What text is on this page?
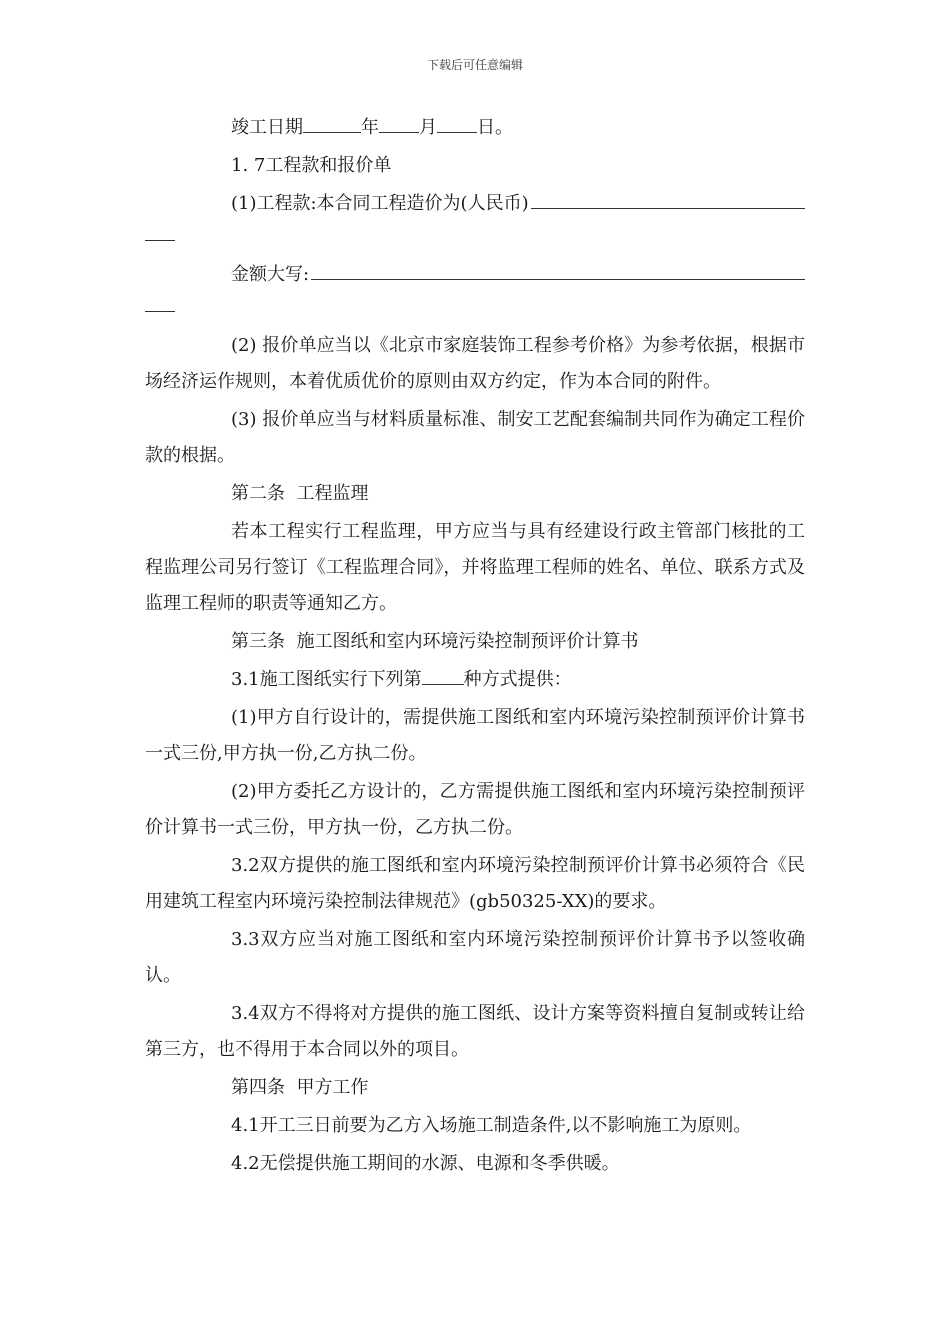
下载后可任意编辑

竣工日期	年 月 日。

1. 7工程款和报价单

(1)工程款:本合同工程造价为(人民币)
金额大写:

(2) 报价单应当以《北京市家庭装饰工程参考价格》为参考依据，根据市场经济运作规则，本着优质优价的原则由双方约定，作为本合同的附件。

(3) 报价单应当与材料质量标准、制安工艺配套编制共同作为确定工程价款的根据。

第二条  工程监理

若本工程实行工程监理，甲方应当与具有经建设行政主管部门核批的工程监理公司另行签订《工程监理合同》，并将监理工程师的姓名、单位、联系方式及监理工程师的职责等通知乙方。

第三条  施工图纸和室内环境污染控制预评价计算书

3.1施工图纸实行下列第 种方式提供：

(1)甲方自行设计的，需提供施工图纸和室内环境污染控制预评价计算书一式三份,甲方执一份,乙方执二份。

(2)甲方委托乙方设计的，乙方需提供施工图纸和室内环境污染控制预评价计算书一式三份，甲方执一份，乙方执二份。

3.2双方提供的施工图纸和室内环境污染控制预评价计算书必须符合《民用建筑工程室内环境污染控制法律规范》(gb50325-XX)的要求。

3.3双方应当对施工图纸和室内环境污染控制预评价计算书予以签收确认。

3.4双方不得将对方提供的施工图纸、设计方案等资料擅自复制或转让给第三方，也不得用于本合同以外的项目。

第四条  甲方工作

4.1开工三日前要为乙方入场施工制造条件,以不影响施工为原则。

4.2无偿提供施工期间的水源、电源和冬季供暖。
